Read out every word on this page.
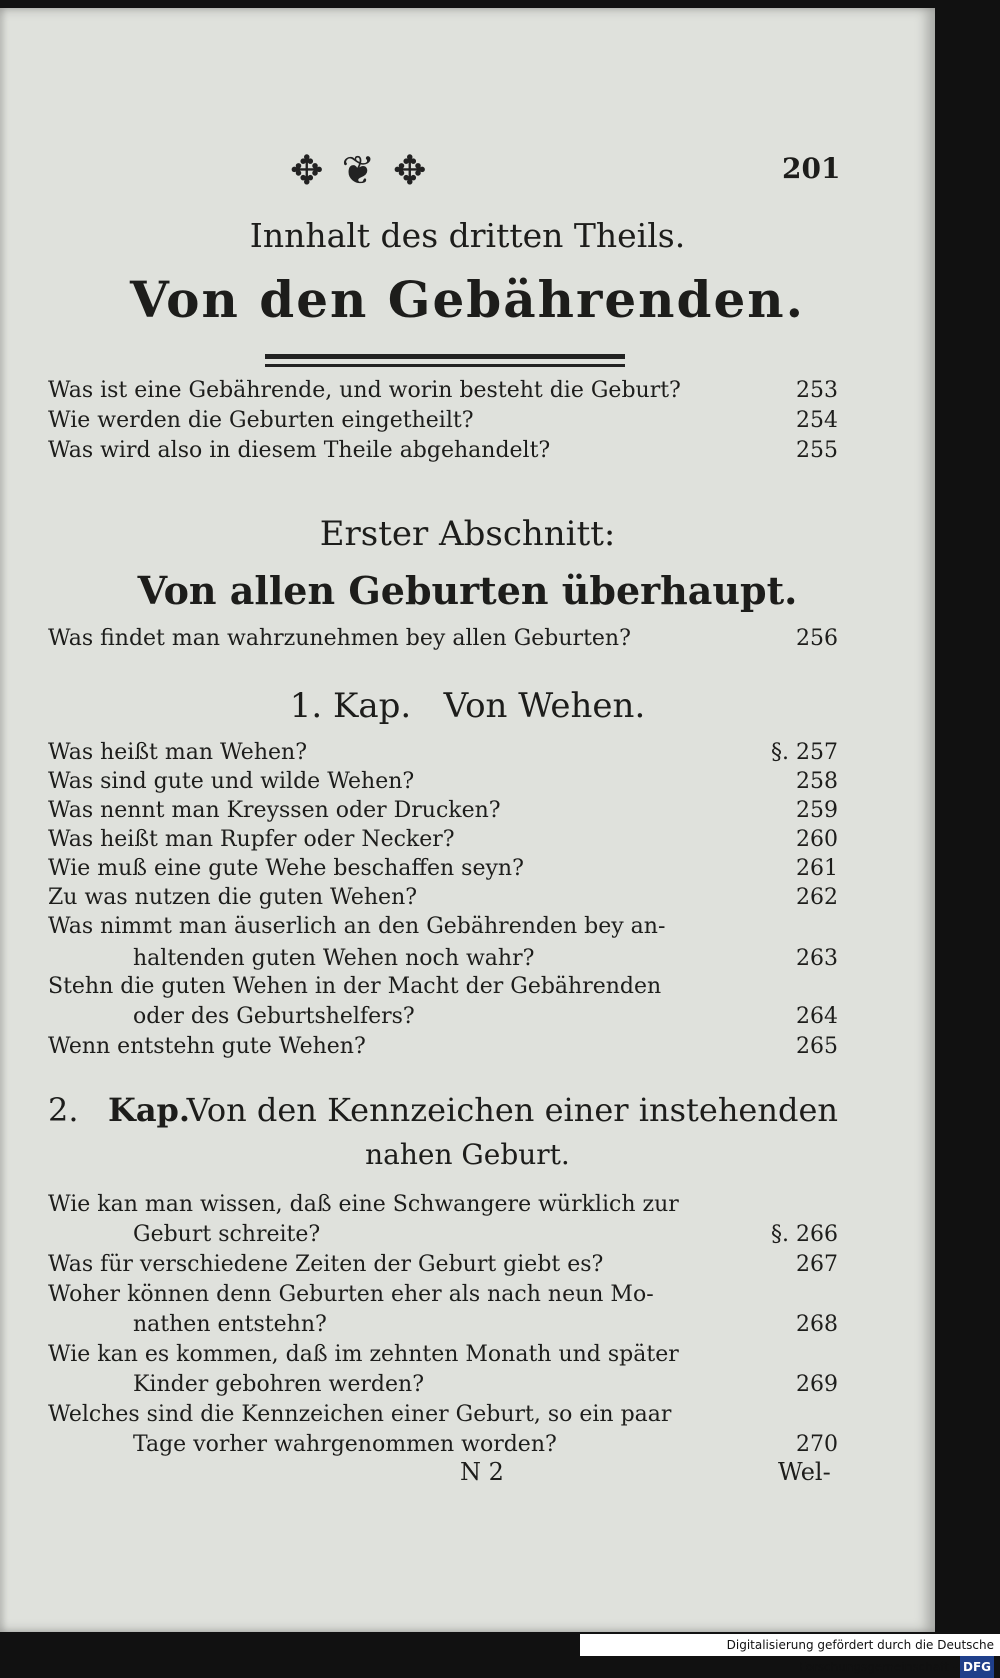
✥❦✥	201
Innhalt des dritten Theils.
Von den Gebährenden.
Was ist eine Gebährende, und worin besteht die Geburt?	253
Wie werden die Geburten eingetheilt?	254
Was wird also in diesem Theile abgehandelt?	255
Erster Abschnitt:
Von allen Geburten überhaupt.
Was findet man wahrzunehmen bey allen Geburten?	256
1. Kap.   Von Wehen.
Was heißt man Wehen?	§. 257
Was sind gute und wilde Wehen?	258
Was nennt man Kreyssen oder Drucken?	259
Was heißt man Rupfer oder Necker?	260
Wie muß eine gute Wehe beschaffen seyn?	261
Zu was nutzen die guten Wehen?	262
Was nimmt man äuserlich an den Gebährenden bey an-
haltenden guten Wehen noch wahr?	263
Stehn die guten Wehen in der Macht der Gebährenden
oder des Geburtshelfers?	264
Wenn entstehn gute Wehen?	265
2. Kap.
Von den Kennzeichen einer instehenden
nahen Geburt.
Wie kan man wissen, daß eine Schwangere würklich zur
Geburt schreite?	§. 266
Was für verschiedene Zeiten der Geburt giebt es?	267
Woher können denn Geburten eher als nach neun Mo-
nathen entstehn?	268
Wie kan es kommen, daß im zehnten Monath und später
Kinder gebohren werden?	269
Welches sind die Kennzeichen einer Geburt, so ein paar
Tage vorher wahrgenommen worden?	270
N 2	Wel-
Digitalisierung gefördert durch die Deutsche Forschungsgemeinschaft - DFG
